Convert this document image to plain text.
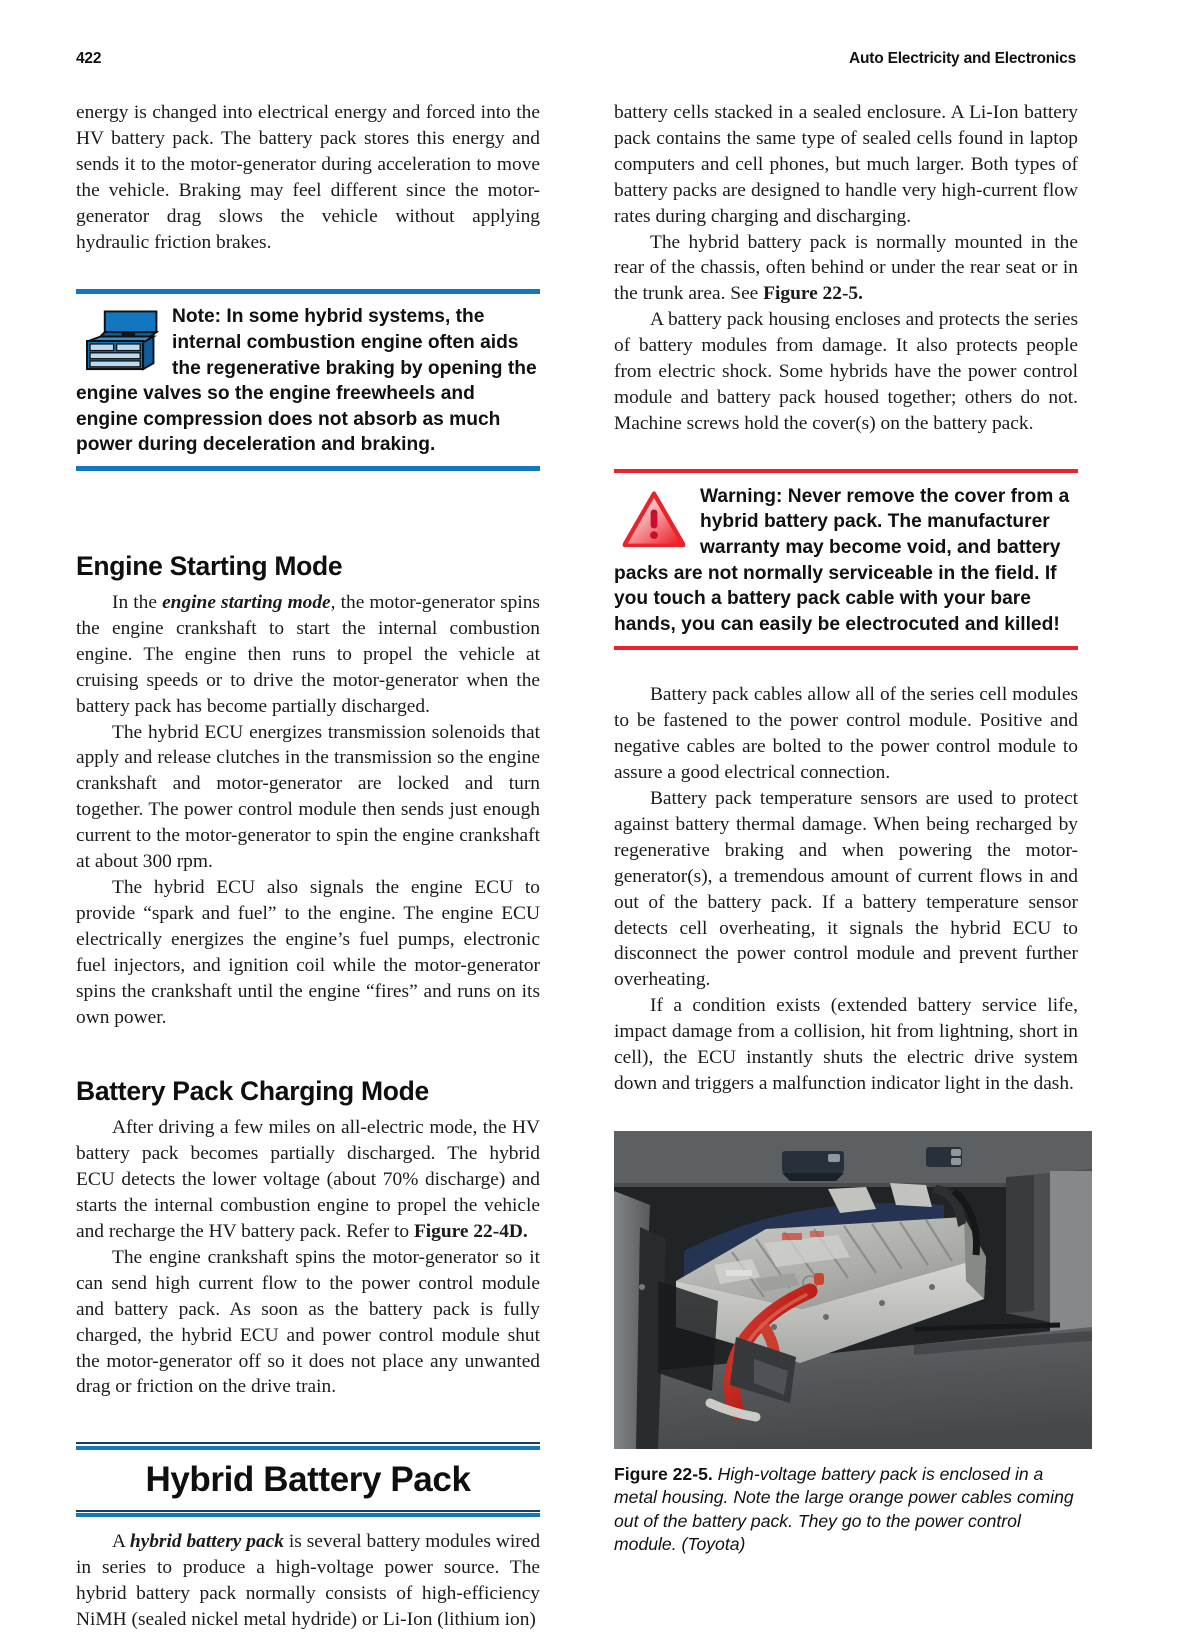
422	Auto Electricity and Electronics

energy is changed into electrical energy and forced into the HV battery pack. The battery pack stores this energy and sends it to the motor-generator during acceleration to move the vehicle. Braking may feel different since the motor-generator drag slows the vehicle without applying hydraulic friction brakes.

Note: In some hybrid systems, the internal combustion engine often aids the regenerative braking by opening the engine valves so the engine freewheels and engine compression does not absorb as much power during deceleration and braking.
Engine Starting Mode

In the engine starting mode, the motor-generator spins the engine crankshaft to start the internal combustion engine. The engine then runs to propel the vehicle at cruising speeds or to drive the motor-generator when the battery pack has become partially discharged.

The hybrid ECU energizes transmission solenoids that apply and release clutches in the transmission so the engine crankshaft and motor-generator are locked and turn together. The power control module then sends just enough current to the motor-generator to spin the engine crankshaft at about 300 rpm.

The hybrid ECU also signals the engine ECU to provide “spark and fuel” to the engine. The engine ECU electrically energizes the engine’s fuel pumps, electronic fuel injectors, and ignition coil while the motor-generator spins the crankshaft until the engine “fires” and runs on its own power.

Battery Pack Charging Mode

After driving a few miles on all-electric mode, the HV battery pack becomes partially discharged. The hybrid ECU detects the lower voltage (about 70% discharge) and starts the internal combustion engine to propel the vehicle and recharge the HV battery pack. Refer to Figure 22-4D.

The engine crankshaft spins the motor-generator so it can send high current flow to the power control module and battery pack. As soon as the battery pack is fully charged, the hybrid ECU and power control module shut the motor-generator off so it does not place any unwanted drag or friction on the drive train.

Hybrid Battery Pack

A hybrid battery pack is several battery modules wired in series to produce a high-voltage power source. The hybrid battery pack normally consists of high-efficiency NiMH (sealed nickel metal hydride) or Li-Ion (lithium ion)

battery cells stacked in a sealed enclosure. A Li-Ion battery pack contains the same type of sealed cells found in laptop computers and cell phones, but much larger. Both types of battery packs are designed to handle very high-current flow rates during charging and discharging.

The hybrid battery pack is normally mounted in the rear of the chassis, often behind or under the rear seat or in the trunk area. See Figure 22-5.

A battery pack housing encloses and protects the series of battery modules from damage. It also protects people from electric shock. Some hybrids have the power control module and battery pack housed together; others do not. Machine screws hold the cover(s) on the battery pack.

Warning: Never remove the cover from a hybrid battery pack. The manufacturer warranty may become void, and battery packs are not normally serviceable in the field. If you touch a battery pack cable with your bare hands, you can easily be electrocuted and killed!

Battery pack cables allow all of the series cell modules to be fastened to the power control module. Positive and negative cables are bolted to the power control module to assure a good electrical connection.

Battery pack temperature sensors are used to protect against battery thermal damage. When being recharged by regenerative braking and when powering the motor-generator(s), a tremendous amount of current flows in and out of the battery pack. If a battery temperature sensor detects cell overheating, it signals the hybrid ECU to disconnect the power control module and prevent further overheating.

If a condition exists (extended battery service life, impact damage from a collision, hit from lightning, short in cell), the ECU instantly shuts the electric drive system down and triggers a malfunction indicator light in the dash.

Figure 22-5. High-voltage battery pack is enclosed in a metal housing. Note the large orange power cables coming out of the battery pack. They go to the power control module. (Toyota)
